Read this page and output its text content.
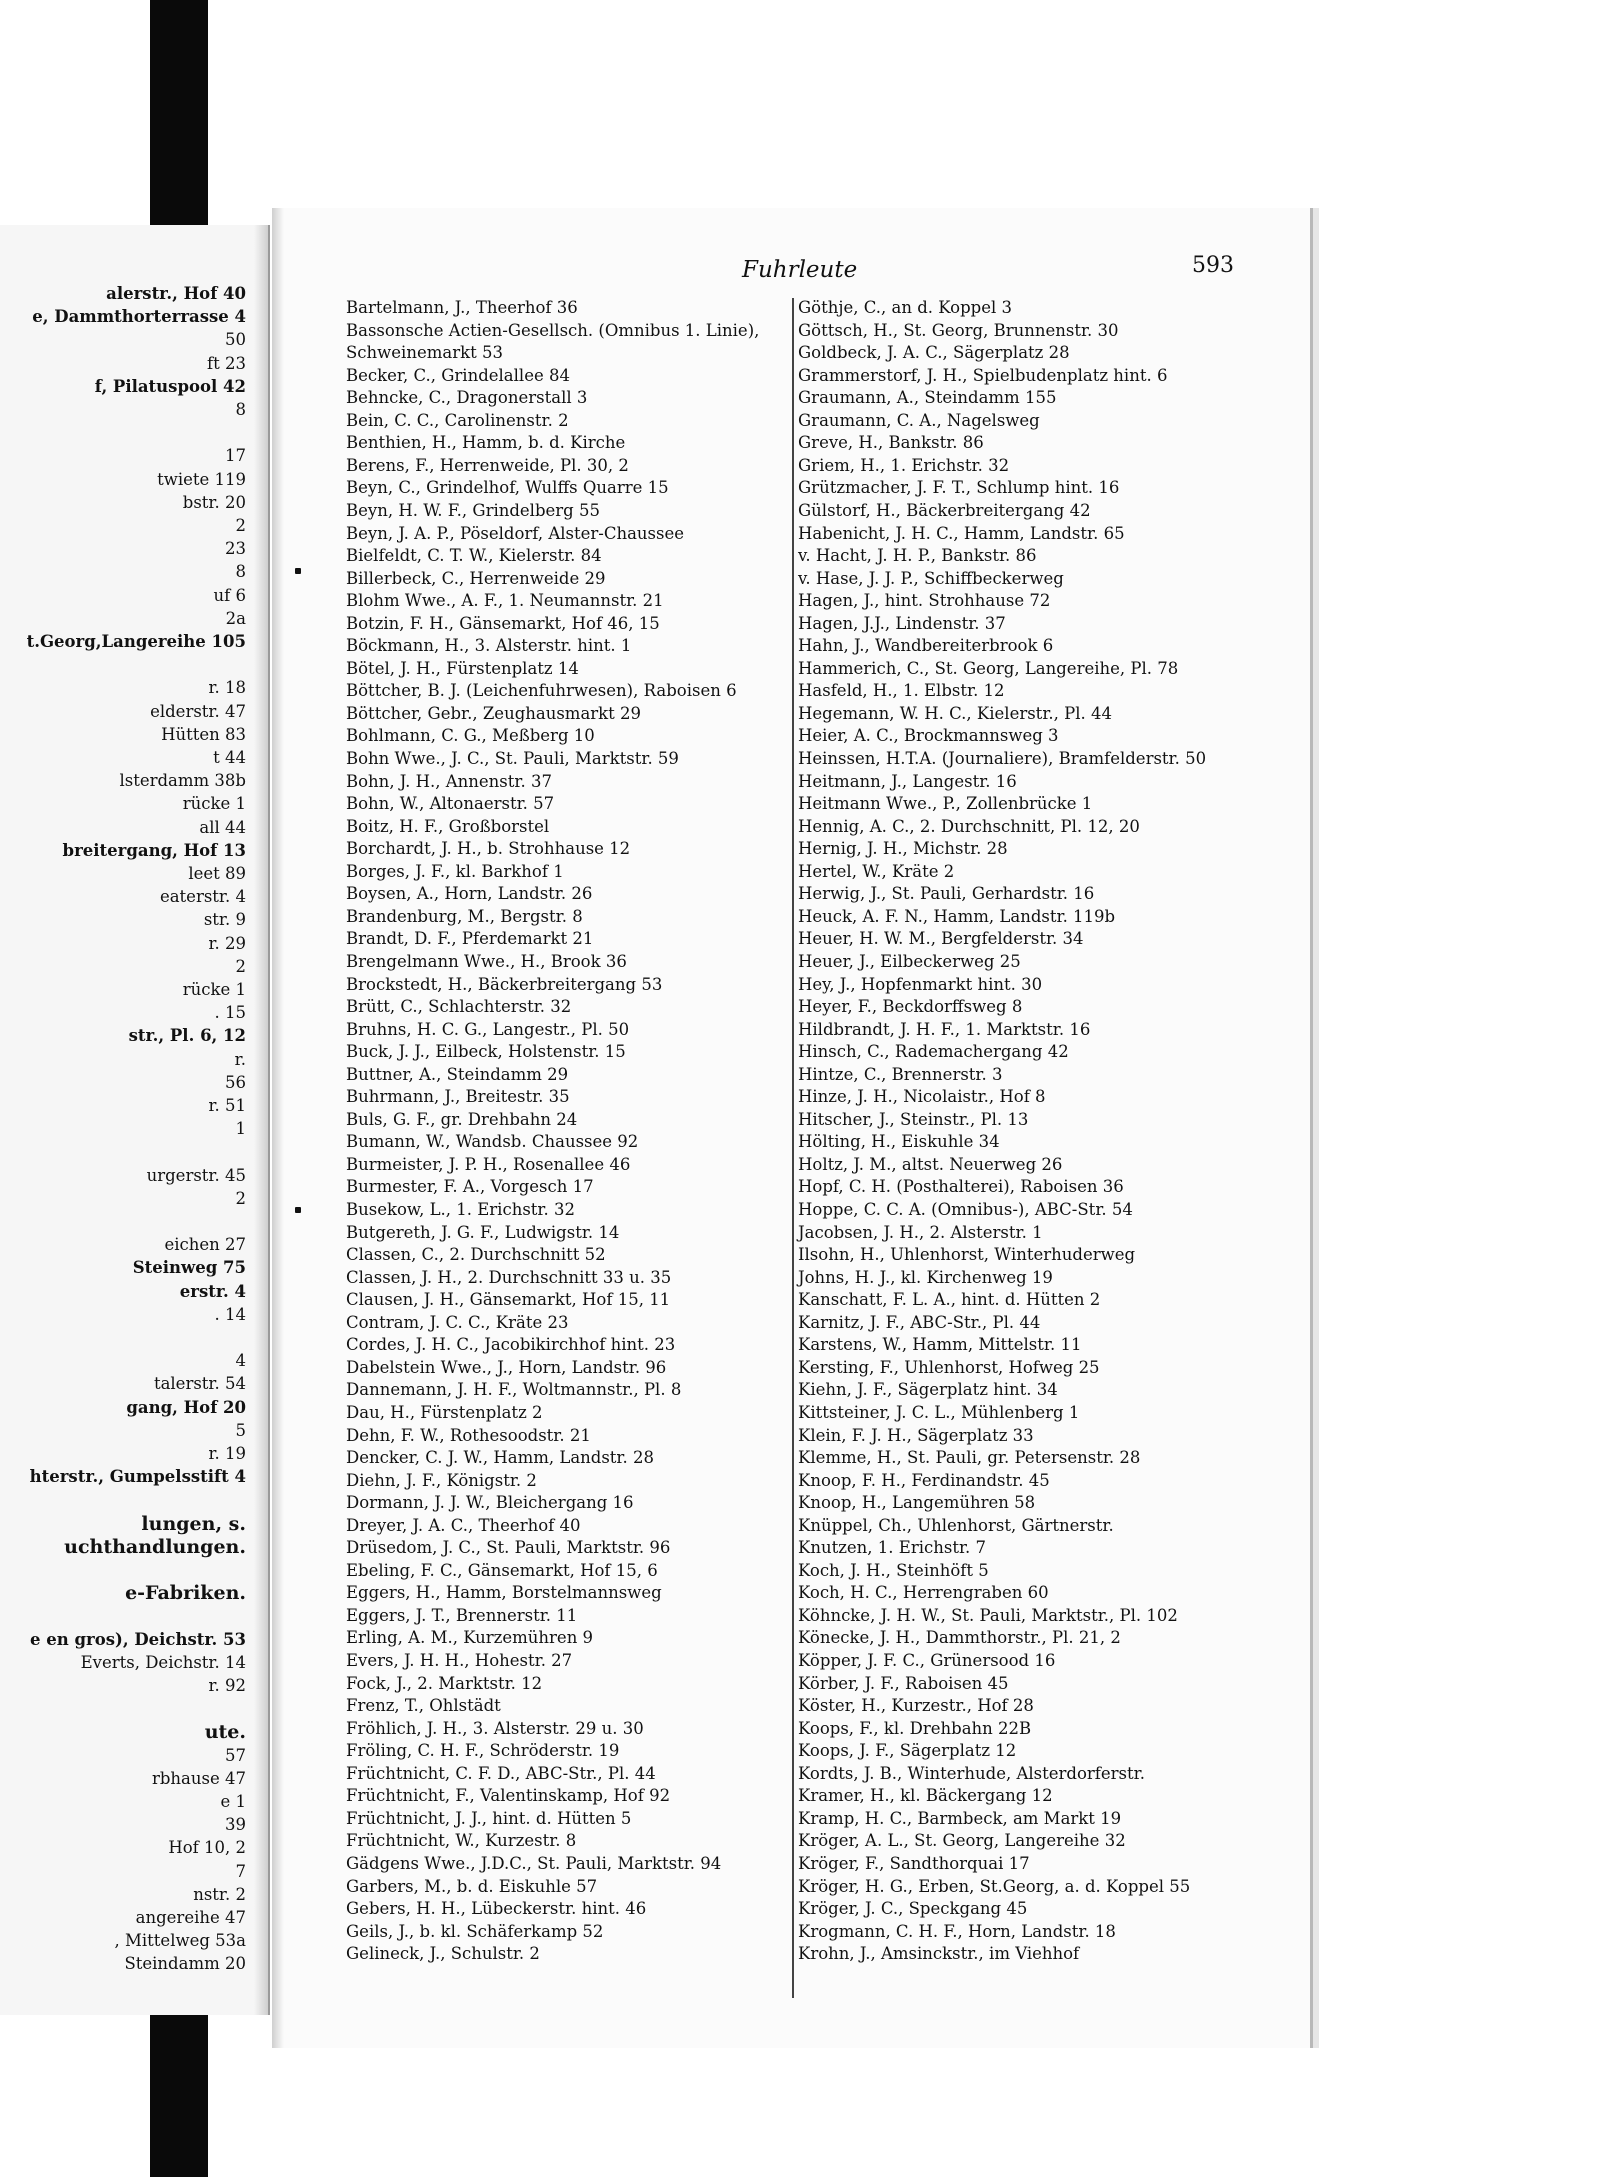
alerstr., Hof 40
e, Dammthorterrasse 4
50
ft 23
f, Pilatuspool 42
8
17
twiete 119
bstr. 20
2
23
8
uf 6
2a
t.Georg,Langereihe 105
r. 18
elderstr. 47
Hütten 83
t 44
lsterdamm 38b
rücke 1
all 44
breitergang, Hof 13
leet 89
eaterstr. 4
str. 9
r. 29
2
rücke 1
. 15
str., Pl. 6, 12
r.
56
r. 51
1
urgerstr. 45
2
eichen 27
Steinweg 75
erstr. 4
. 14
4
talerstr. 54
gang, Hof 20
5
r. 19
hterstr., Gumpelsstift 4
lungen, s.
uchthandlungen.
e-Fabriken.
e en gros), Deichstr. 53
Everts, Deichstr. 14
r. 92
ute.
57
rbhause 47
e 1
39
Hof 10, 2
7
nstr. 2
angereihe 47
, Mittelweg 53a
Steindamm 20
Fuhrleute	593
Bartelmann, J., Theerhof 36
Bassonsche Actien-Gesellsch. (Omnibus 1. Linie),
Schweinemarkt 53
Becker, C., Grindelallee 84
Behncke, C., Dragonerstall 3
Bein, C. C., Carolinenstr. 2
Benthien, H., Hamm, b. d. Kirche
Berens, F., Herrenweide, Pl. 30, 2
Beyn, C., Grindelhof, Wulffs Quarre 15
Beyn, H. W. F., Grindelberg 55
Beyn, J. A. P., Pöseldorf, Alster-Chaussee
Bielfeldt, C. T. W., Kielerstr. 84
Billerbeck, C., Herrenweide 29
Blohm Wwe., A. F., 1. Neumannstr. 21
Botzin, F. H., Gänsemarkt, Hof 46, 15
Böckmann, H., 3. Alsterstr. hint. 1
Bötel, J. H., Fürstenplatz 14
Böttcher, B. J. (Leichenfuhrwesen), Raboisen 6
Böttcher, Gebr., Zeughausmarkt 29
Bohlmann, C. G., Meßberg 10
Bohn Wwe., J. C., St. Pauli, Marktstr. 59
Bohn, J. H., Annenstr. 37
Bohn, W., Altonaerstr. 57
Boitz, H. F., Großborstel
Borchardt, J. H., b. Strohhause 12
Borges, J. F., kl. Barkhof 1
Boysen, A., Horn, Landstr. 26
Brandenburg, M., Bergstr. 8
Brandt, D. F., Pferdemarkt 21
Brengelmann Wwe., H., Brook 36
Brockstedt, H., Bäckerbreitergang 53
Brütt, C., Schlachterstr. 32
Bruhns, H. C. G., Langestr., Pl. 50
Buck, J. J., Eilbeck, Holstenstr. 15
Buttner, A., Steindamm 29
Buhrmann, J., Breitestr. 35
Buls, G. F., gr. Drehbahn 24
Bumann, W., Wandsb. Chaussee 92
Burmeister, J. P. H., Rosenallee 46
Burmester, F. A., Vorgesch 17
Busekow, L., 1. Erichstr. 32
Butgereth, J. G. F., Ludwigstr. 14
Classen, C., 2. Durchschnitt 52
Classen, J. H., 2. Durchschnitt 33 u. 35
Clausen, J. H., Gänsemarkt, Hof 15, 11
Contram, J. C. C., Kräte 23
Cordes, J. H. C., Jacobikirchhof hint. 23
Dabelstein Wwe., J., Horn, Landstr. 96
Dannemann, J. H. F., Woltmannstr., Pl. 8
Dau, H., Fürstenplatz 2
Dehn, F. W., Rothesoodstr. 21
Dencker, C. J. W., Hamm, Landstr. 28
Diehn, J. F., Königstr. 2
Dormann, J. J. W., Bleichergang 16
Dreyer, J. A. C., Theerhof 40
Drüsedom, J. C., St. Pauli, Marktstr. 96
Ebeling, F. C., Gänsemarkt, Hof 15, 6
Eggers, H., Hamm, Borstelmannsweg
Eggers, J. T., Brennerstr. 11
Erling, A. M., Kurzemühren 9
Evers, J. H. H., Hohestr. 27
Fock, J., 2. Marktstr. 12
Frenz, T., Ohlstädt
Fröhlich, J. H., 3. Alsterstr. 29 u. 30
Fröling, C. H. F., Schröderstr. 19
Früchtnicht, C. F. D., ABC-Str., Pl. 44
Früchtnicht, F., Valentinskamp, Hof 92
Früchtnicht, J. J., hint. d. Hütten 5
Früchtnicht, W., Kurzestr. 8
Gädgens Wwe., J.D.C., St. Pauli, Marktstr. 94
Garbers, M., b. d. Eiskuhle 57
Gebers, H. H., Lübeckerstr. hint. 46
Geils, J., b. kl. Schäferkamp 52
Gelineck, J., Schulstr. 2
Göthje, C., an d. Koppel 3
Göttsch, H., St. Georg, Brunnenstr. 30
Goldbeck, J. A. C., Sägerplatz 28
Grammerstorf, J. H., Spielbudenplatz hint. 6
Graumann, A., Steindamm 155
Graumann, C. A., Nagelsweg
Greve, H., Bankstr. 86
Griem, H., 1. Erichstr. 32
Grützmacher, J. F. T., Schlump hint. 16
Gülstorf, H., Bäckerbreitergang 42
Habenicht, J. H. C., Hamm, Landstr. 65
v. Hacht, J. H. P., Bankstr. 86
v. Hase, J. J. P., Schiffbeckerweg
Hagen, J., hint. Strohhause 72
Hagen, J.J., Lindenstr. 37
Hahn, J., Wandbereiterbrook 6
Hammerich, C., St. Georg, Langereihe, Pl. 78
Hasfeld, H., 1. Elbstr. 12
Hegemann, W. H. C., Kielerstr., Pl. 44
Heier, A. C., Brockmannsweg 3
Heinssen, H.T.A. (Journaliere), Bramfelderstr. 50
Heitmann, J., Langestr. 16
Heitmann Wwe., P., Zollenbrücke 1
Hennig, A. C., 2. Durchschnitt, Pl. 12, 20
Hernig, J. H., Michstr. 28
Hertel, W., Kräte 2
Herwig, J., St. Pauli, Gerhardstr. 16
Heuck, A. F. N., Hamm, Landstr. 119b
Heuer, H. W. M., Bergfelderstr. 34
Heuer, J., Eilbeckerweg 25
Hey, J., Hopfenmarkt hint. 30
Heyer, F., Beckdorffsweg 8
Hildbrandt, J. H. F., 1. Marktstr. 16
Hinsch, C., Rademachergang 42
Hintze, C., Brennerstr. 3
Hinze, J. H., Nicolaistr., Hof 8
Hitscher, J., Steinstr., Pl. 13
Hölting, H., Eiskuhle 34
Holtz, J. M., altst. Neuerweg 26
Hopf, C. H. (Posthalterei), Raboisen 36
Hoppe, C. C. A. (Omnibus-), ABC-Str. 54
Jacobsen, J. H., 2. Alsterstr. 1
Ilsohn, H., Uhlenhorst, Winterhuderweg
Johns, H. J., kl. Kirchenweg 19
Kanschatt, F. L. A., hint. d. Hütten 2
Karnitz, J. F., ABC-Str., Pl. 44
Karstens, W., Hamm, Mittelstr. 11
Kersting, F., Uhlenhorst, Hofweg 25
Kiehn, J. F., Sägerplatz hint. 34
Kittsteiner, J. C. L., Mühlenberg 1
Klein, F. J. H., Sägerplatz 33
Klemme, H., St. Pauli, gr. Petersenstr. 28
Knoop, F. H., Ferdinandstr. 45
Knoop, H., Langemühren 58
Knüppel, Ch., Uhlenhorst, Gärtnerstr.
Knutzen, 1. Erichstr. 7
Koch, J. H., Steinhöft 5
Koch, H. C., Herrengraben 60
Köhncke, J. H. W., St. Pauli, Marktstr., Pl. 102
Könecke, J. H., Dammthorstr., Pl. 21, 2
Köpper, J. F. C., Grünersood 16
Körber, J. F., Raboisen 45
Köster, H., Kurzestr., Hof 28
Koops, F., kl. Drehbahn 22B
Koops, J. F., Sägerplatz 12
Kordts, J. B., Winterhude, Alsterdorferstr.
Kramer, H., kl. Bäckergang 12
Kramp, H. C., Barmbeck, am Markt 19
Kröger, A. L., St. Georg, Langereihe 32
Kröger, F., Sandthorquai 17
Kröger, H. G., Erben, St.Georg, a. d. Koppel 55
Kröger, J. C., Speckgang 45
Krogmann, C. H. F., Horn, Landstr. 18
Krohn, J., Amsinckstr., im Viehhof
